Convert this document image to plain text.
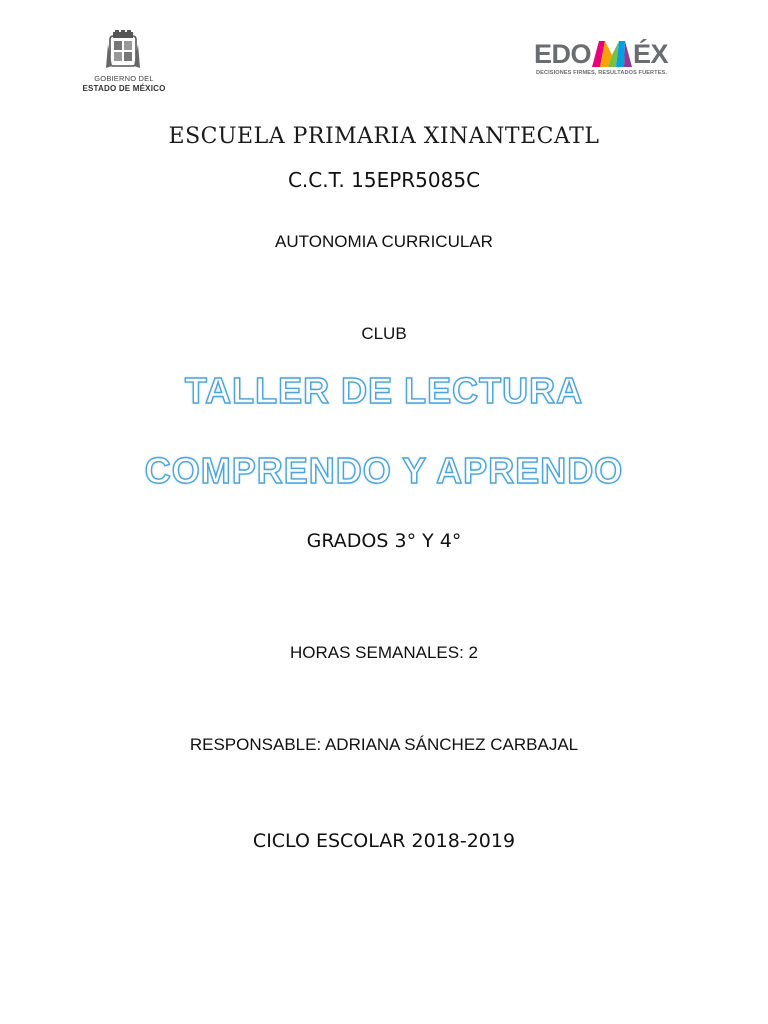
GOBIERNO DEL
ESTADO DE MÉXICO
EDO ÉX
DECISIONES FIRMES, RESULTADOS FUERTES.
ESCUELA PRIMARIA XINANTECATL
C.C.T. 15EPR5085C
AUTONOMIA CURRICULAR
CLUB
TALLER DE LECTURA
COMPRENDO Y APRENDO
GRADOS 3° Y 4°
HORAS SEMANALES: 2
RESPONSABLE: ADRIANA SÁNCHEZ CARBAJAL
CICLO ESCOLAR 2018-2019
